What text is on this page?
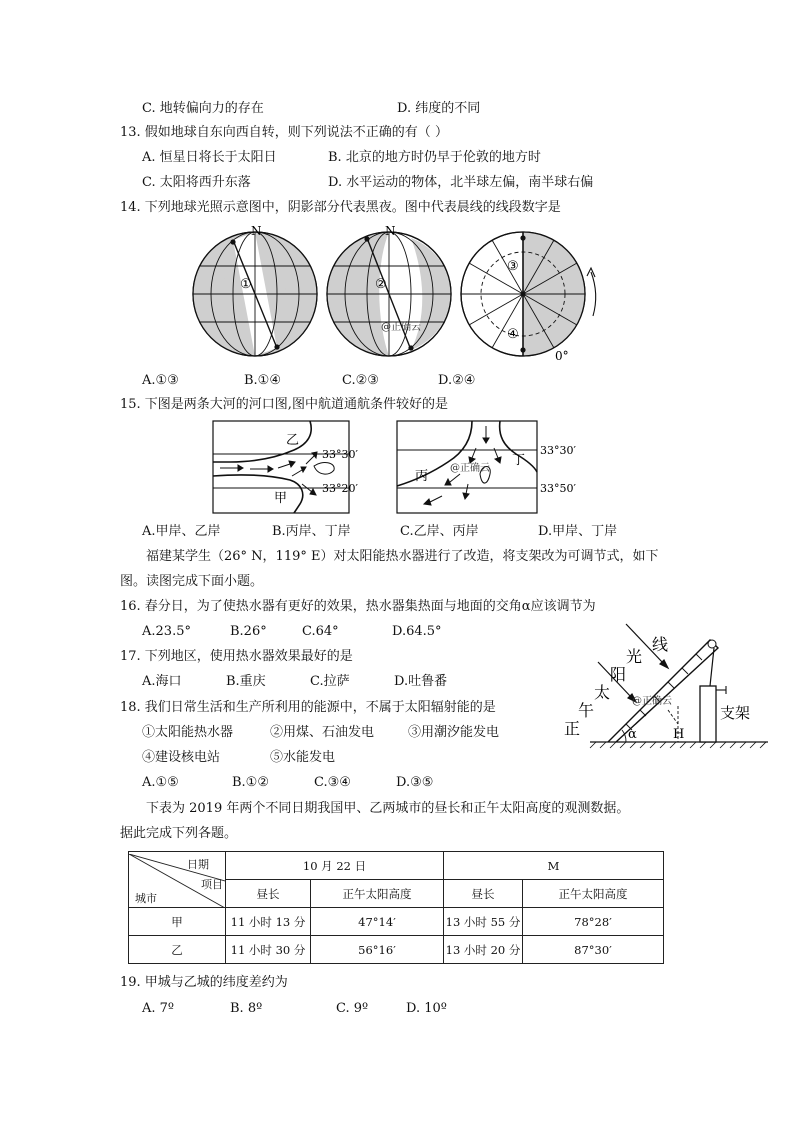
C. 地转偏向力的存在	D. 纬度的不同
13. 假如地球自东向西自转，则下列说法不正确的有（ ）
A. 恒星日将长于太阳日	B. 北京的地方时仍早于伦敦的地方时
C. 太阳将西升东落	D. 水平运动的物体，北半球左偏，南半球右偏
14. 下列地球光照示意图中，阴影部分代表黑夜。图中代表晨线的线段数字是
N
①
N
②
@正确云
③
④
0°
A.①③	B.①④	C.②③	D.②④
15. 下图是两条大河的河口图,图中航道通航条件较好的是
乙
甲
33°30′
33°20′
丙
丁
@正确云
33°30′
33°50′
A.甲岸、乙岸	B.丙岸、丁岸	C.乙岸、丙岸	D.甲岸、丁岸
福建某学生（26° N，119° E）对太阳能热水器进行了改造，将支架改为可调节式，如下
图。读图完成下面小题。
16. 春分日，为了使热水器有更好的效果，热水器集热面与地面的交角α应该调节为
A.23.5°	B.26°	C.64°	D.64.5°
17. 下列地区，使用热水器效果最好的是
A.海口	B.重庆	C.拉萨	D.吐鲁番
18. 我们日常生活和生产所利用的能源中，不属于太阳辐射能的是
①太阳能热水器	②用煤、石油发电	③用潮汐能发电
④建设核电站	⑤水能发电
A.①⑤	B.①②	C.③④	D.③⑤
线
光
阳
太
午
正
@正确云
α	H
支架
下表为 2019 年两个不同日期我国甲、乙两城市的昼长和正午太阳高度的观测数据。
据此完成下列各题。
日期
项目
城市	10 月 22 日		M	
	昼长	正午太阳高度	昼长	正午太阳高度
甲	11 小时 13 分	47°14′	13 小时 55 分	78°28′
乙	11 小时 30 分	56°16′	13 小时 20 分	87°30′
19. 甲城与乙城的纬度差约为
A. 7º	B. 8º	C. 9º	D. 10º
